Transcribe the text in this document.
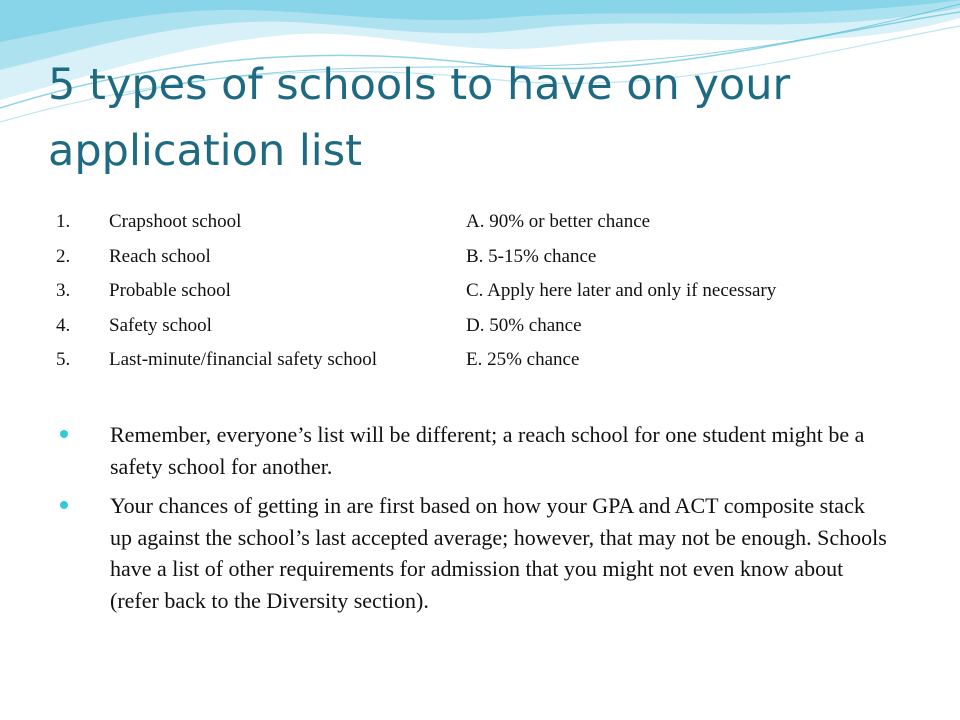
5 types of schools to have on your application list
1.	Crapshoot school	A. 90% or better chance
2.	Reach school	B. 5-15% chance
3.	Probable school	C. Apply here later and only if necessary
4.	Safety school	D. 50% chance
5.	Last-minute/financial safety school	E. 25% chance
Remember, everyone’s list will be different; a reach school for one student might be a safety school for another.
Your chances of getting in are first based on how your GPA and ACT composite stack up against the school’s last accepted average; however, that may not be enough. Schools have a list of other requirements for admission that you might not even know about (refer back to the Diversity section).
